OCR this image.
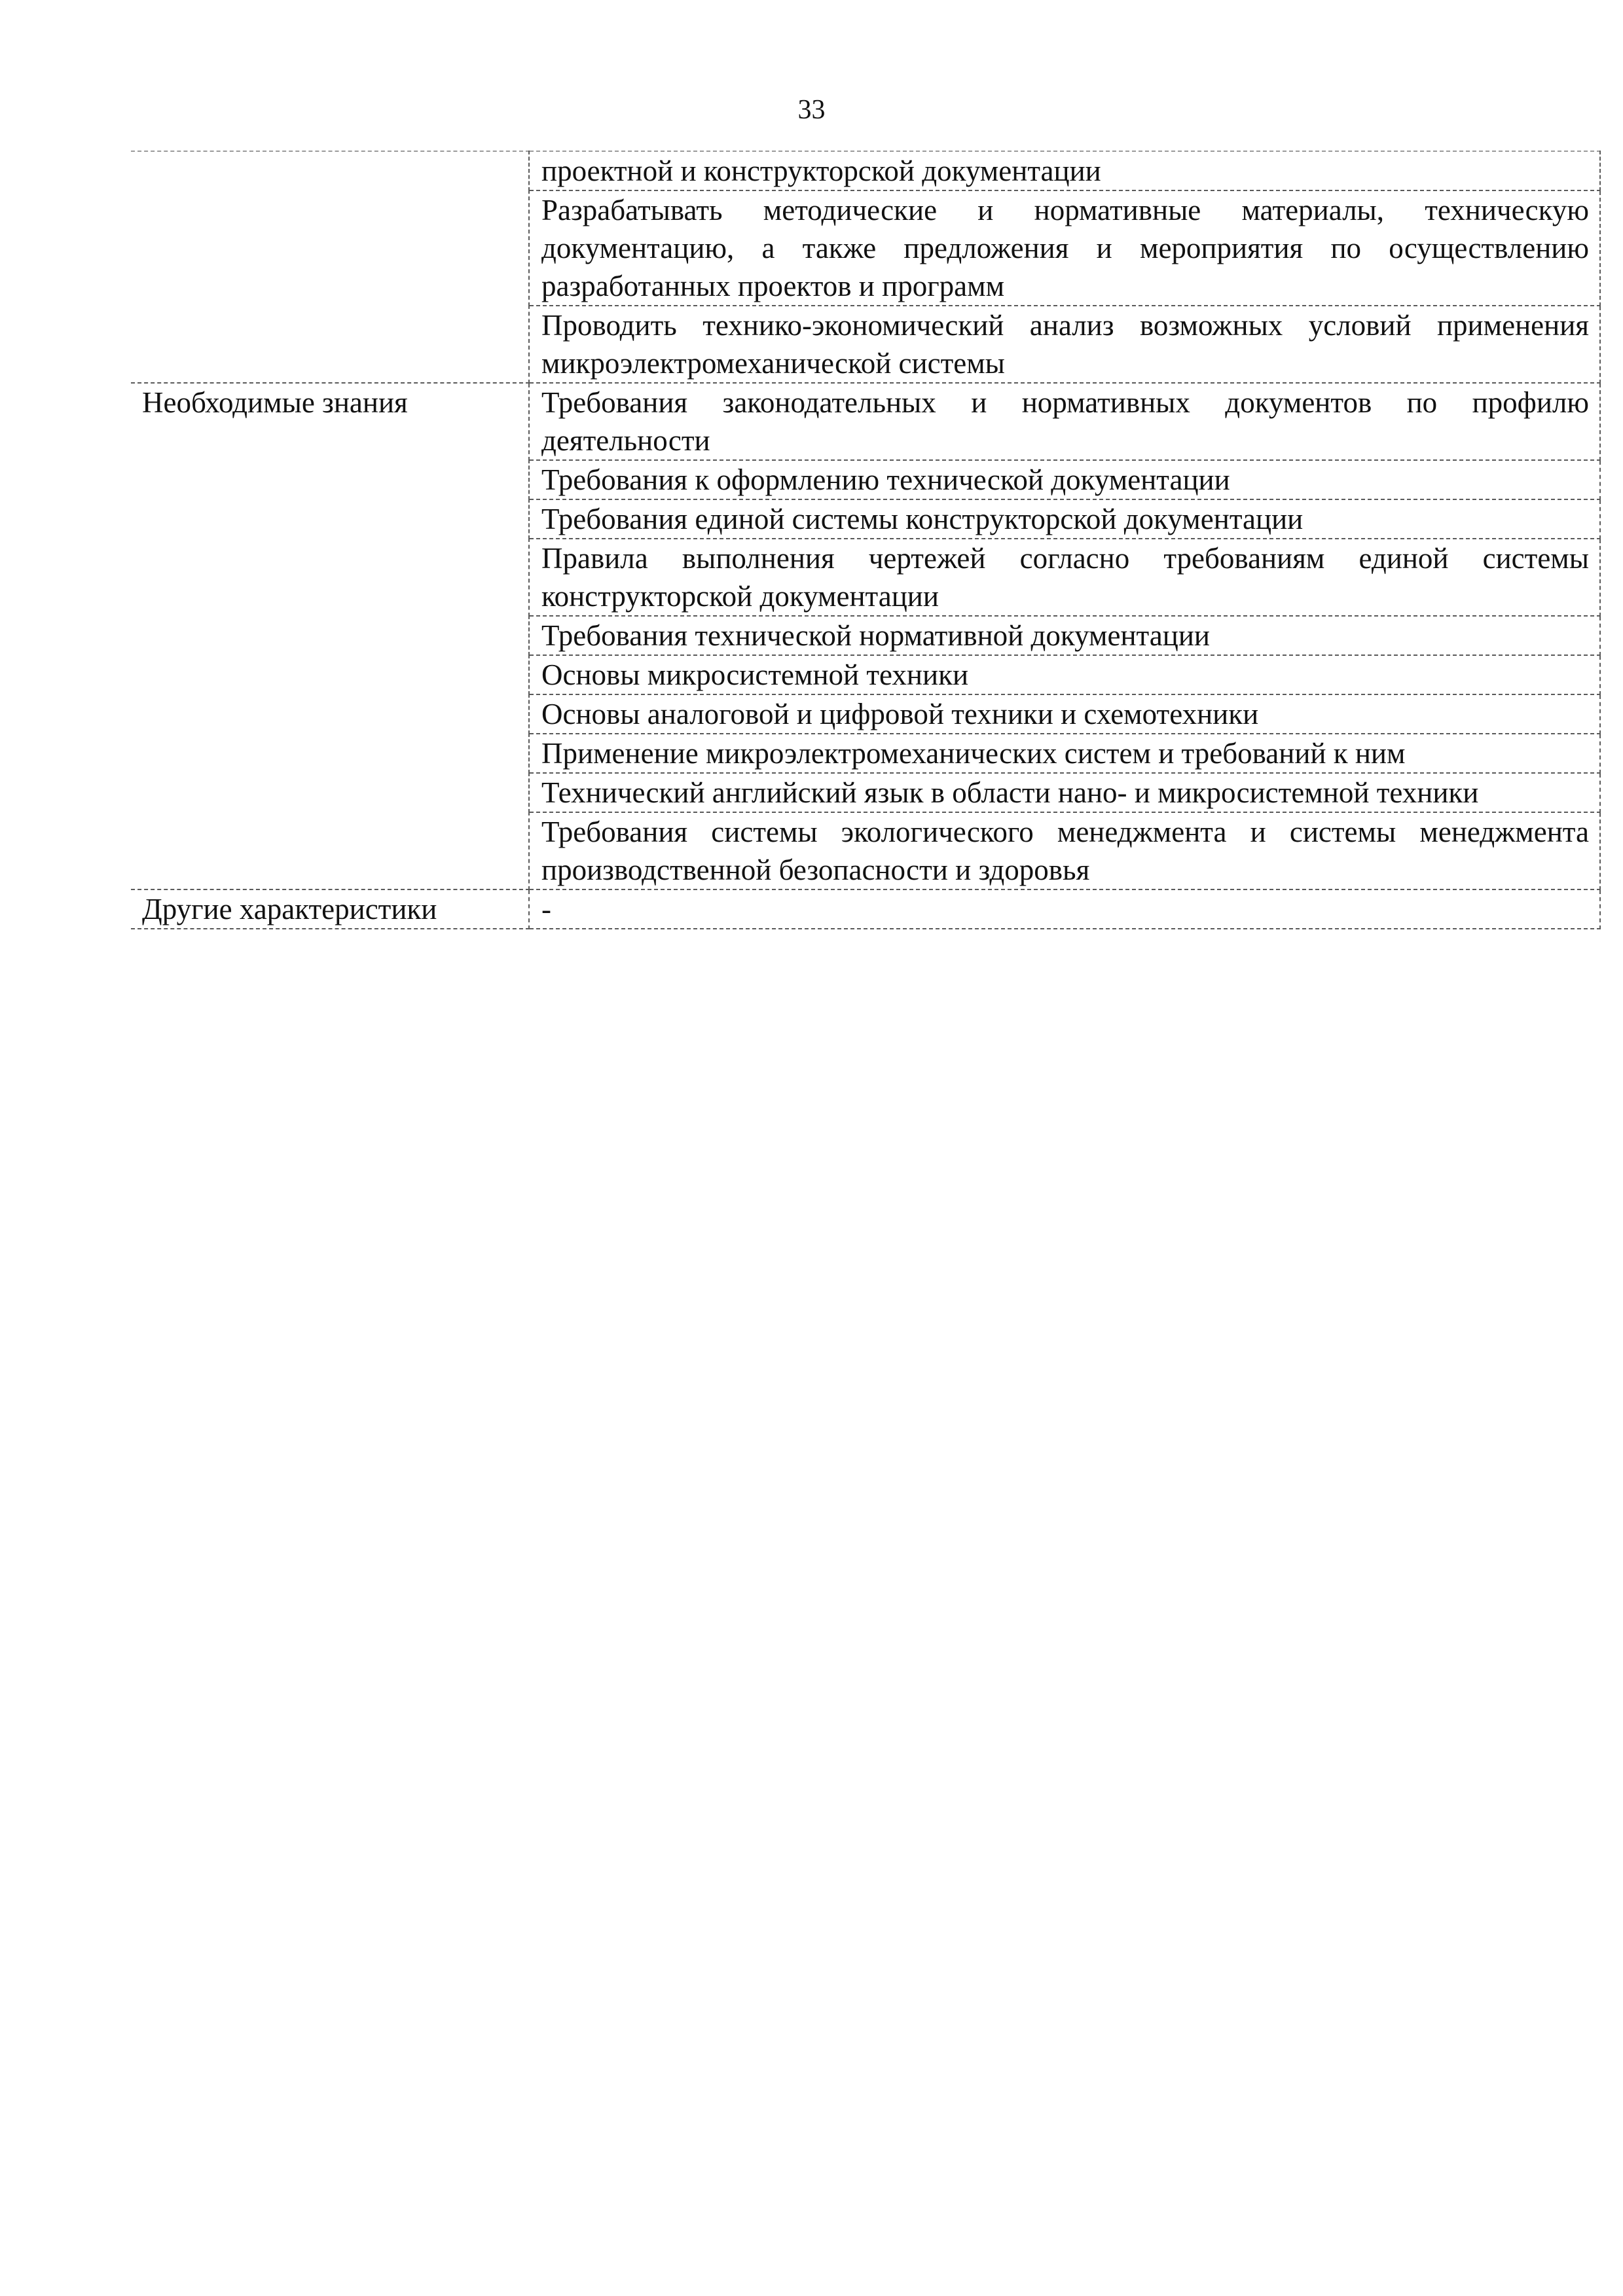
33
	проектной и конструкторской документации
	Разрабатывать методические и нормативные материалы, техническую документацию, а также предложения и мероприятия по осуществлению разработанных проектов и программ
	Проводить технико-экономический анализ возможных условий применения микроэлектромеханической системы
Необходимые знания	Требования законодательных и нормативных документов по профилю деятельности
	Требования к оформлению технической документации
	Требования единой системы конструкторской документации
	Правила выполнения чертежей согласно требованиям единой системы конструкторской документации
	Требования технической нормативной документации
	Основы микросистемной техники
	Основы аналоговой и цифровой техники и схемотехники
	Применение микроэлектромеханических систем и требований к ним
	Технический английский язык в области нано- и микросистемной техники
	Требования системы экологического менеджмента и системы менеджмента производственной безопасности и здоровья
Другие характеристики	-
